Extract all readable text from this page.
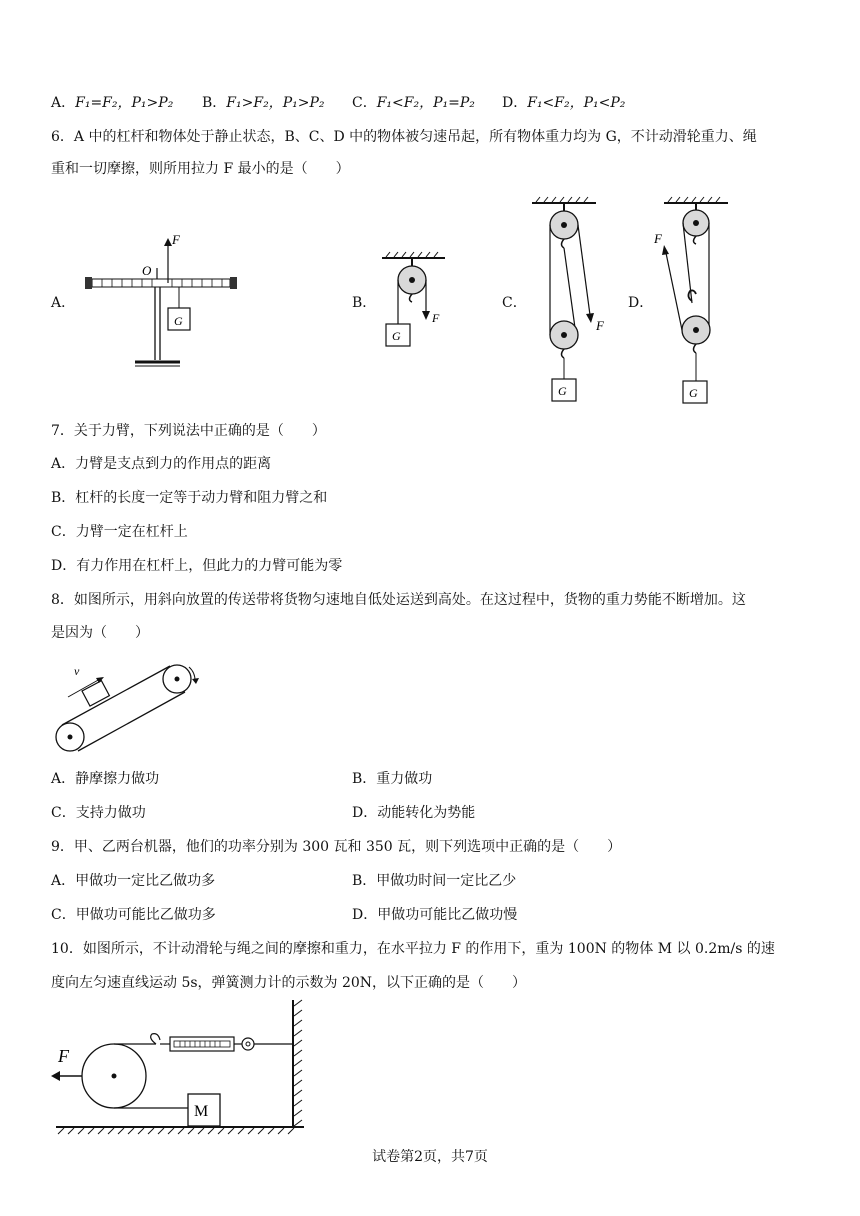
A．F₁=F₂，P₁>P₂ B．F₁>F₂，P₁>P₂ C．F₁<F₂，P₁=P₂ D．F₁<F₂，P₁<P₂
6．A 中的杠杆和物体处于静止状态，B、C、D 中的物体被匀速吊起，所有物体重力均为 G，不计动滑轮重力、绳
重和一切摩擦，则所用拉力 F 最小的是（　　）
A．	B．	C．	D．
F
O
G
G
F
G
F
G
F
7．关于力臂，下列说法中正确的是（　　）
A．力臂是支点到力的作用点的距离
B．杠杆的长度一定等于动力臂和阻力臂之和
C．力臂一定在杠杆上
D．有力作用在杠杆上，但此力的力臂可能为零
8．如图所示，用斜向放置的传送带将货物匀速地自低处运送到高处。在这过程中，货物的重力势能不断增加。这
是因为（　　）
v
A．静摩擦力做功	B．重力做功
C．支持力做功	D．动能转化为势能
9．甲、乙两台机器，他们的功率分别为 300 瓦和 350 瓦，则下列选项中正确的是（　　）
A．甲做功一定比乙做功多	B．甲做功时间一定比乙少
C．甲做功可能比乙做功多	D．甲做功可能比乙做功慢
10．如图所示，不计动滑轮与绳之间的摩擦和重力，在水平拉力 F 的作用下，重为 100N 的物体 M 以 0.2m/s 的速
度向左匀速直线运动 5s，弹簧测力计的示数为 20N，以下正确的是（　　）
F
M
试卷第2页，共7页
